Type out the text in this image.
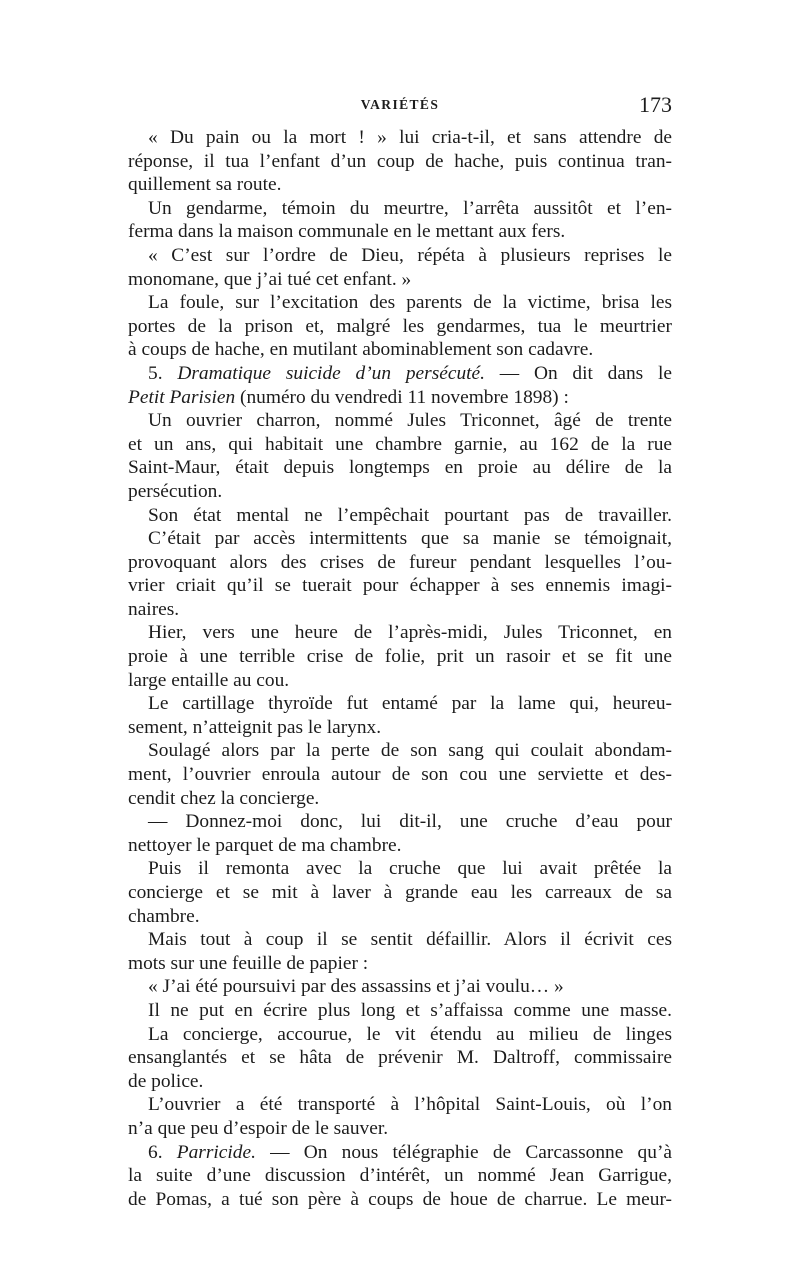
VARIÉTÉS	173
« Du pain ou la mort ! » lui cria-t-il, et sans attendre de
réponse, il tua l’enfant d’un coup de hache, puis continua tran-
quillement sa route.
Un gendarme, témoin du meurtre, l’arrêta aussitôt et l’en-
ferma dans la maison communale en le mettant aux fers.
« C’est sur l’ordre de Dieu, répéta à plusieurs reprises le
monomane, que j’ai tué cet enfant. »
La foule, sur l’excitation des parents de la victime, brisa les
portes de la prison et, malgré les gendarmes, tua le meurtrier
à coups de hache, en mutilant abominablement son cadavre.
5. Dramatique suicide d’un persécuté. — On dit dans le
Petit Parisien (numéro du vendredi 11 novembre 1898) :
Un ouvrier charron, nommé Jules Triconnet, âgé de trente
et un ans, qui habitait une chambre garnie, au 162 de la rue
Saint-Maur, était depuis longtemps en proie au délire de la
persécution.
Son état mental ne l’empêchait pourtant pas de travailler.
C’était par accès intermittents que sa manie se témoignait,
provoquant alors des crises de fureur pendant lesquelles l’ou-
vrier criait qu’il se tuerait pour échapper à ses ennemis imagi-
naires.
Hier, vers une heure de l’après-midi, Jules Triconnet, en
proie à une terrible crise de folie, prit un rasoir et se fit une
large entaille au cou.
Le cartillage thyroïde fut entamé par la lame qui, heureu-
sement, n’atteignit pas le larynx.
Soulagé alors par la perte de son sang qui coulait abondam-
ment, l’ouvrier enroula autour de son cou une serviette et des-
cendit chez la concierge.
— Donnez-moi donc, lui dit-il, une cruche d’eau pour
nettoyer le parquet de ma chambre.
Puis il remonta avec la cruche que lui avait prêtée la
concierge et se mit à laver à grande eau les carreaux de sa
chambre.
Mais tout à coup il se sentit défaillir. Alors il écrivit ces
mots sur une feuille de papier :
« J’ai été poursuivi par des assassins et j’ai voulu… »
Il ne put en écrire plus long et s’affaissa comme une masse.
La concierge, accourue, le vit étendu au milieu de linges
ensanglantés et se hâta de prévenir M. Daltroff, commissaire
de police.
L’ouvrier a été transporté à l’hôpital Saint-Louis, où l’on
n’a que peu d’espoir de le sauver.
6. Parricide. — On nous télégraphie de Carcassonne qu’à
la suite d’une discussion d’intérêt, un nommé Jean Garrigue,
de Pomas, a tué son père à coups de houe de charrue. Le meur-
